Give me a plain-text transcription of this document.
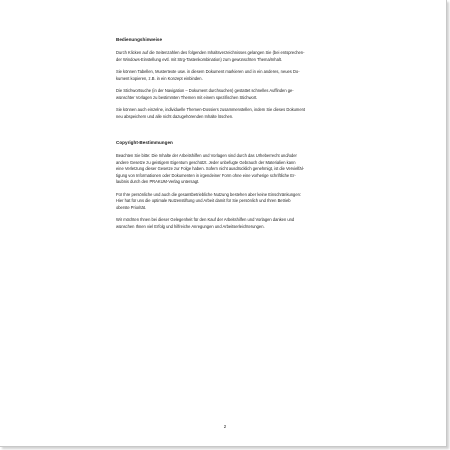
Bedienungshinweise

Durch Klicken auf die Seitenzahlen des folgenden Inhaltsverzeichnisses gelangen Sie (bei entsprechen-
der Windows-Einstellung evtl. mit Strg-Tastenkombination) zum gewünschten Thema/Inhalt.

Sie können Tabellen, Mustertexte usw. in diesem Dokument markieren und in ein anderes, neues Do-
kument kopieren, z.B. in ein Konzept einbinden.

Die Stichwortsuche (in der Navigation – Dokument durchsuchen) gestattet schnelles Auffinden ge-
wünschter Vorlagen zu bestimmten Themen mit einem spezifischen Stichwort.

Sie können auch einzelne, individuelle Themen-Dossiers zusammenstellen, indem Sie dieses Dokument
neu abspeichern und alle nicht dazugehörenden Inhalte löschen.

Copyright-Bestimmungen

Beachten Sie bitte: Die Inhalte der Arbeitshilfen und Vorlagen sind durch das Urheberrecht und/oder
andere Gesetze zu geistigem Eigentum geschützt. Jeder unbefugte Gebrauch der Materialien kann
eine Verletzung dieser Gesetze zur Folge haben. Sofern nicht ausdrücklich genehmigt, ist die Vervielfäl-
tigung von Informationen oder Dokumenten in irgendeiner Form ohne eine vorherige schriftliche Er-
laubnis durch den PRAKUM-Verlag untersagt.

Für Ihre persönliche und auch die gesamtbetriebliche Nutzung bestehen aber keine Einschränkungen:
Hier hat für uns die optimale Nutzenstiftung und Arbeit damit für Sie persönlich und Ihren Betrieb
oberste Priorität.

Wir möchten Ihnen bei dieser Gelegenheit für den Kauf der Arbeitshilfen und Vorlagen danken und
wünschen Ihnen viel Erfolg und hilfreiche Anregungen und Arbeitserleichterungen.

2
